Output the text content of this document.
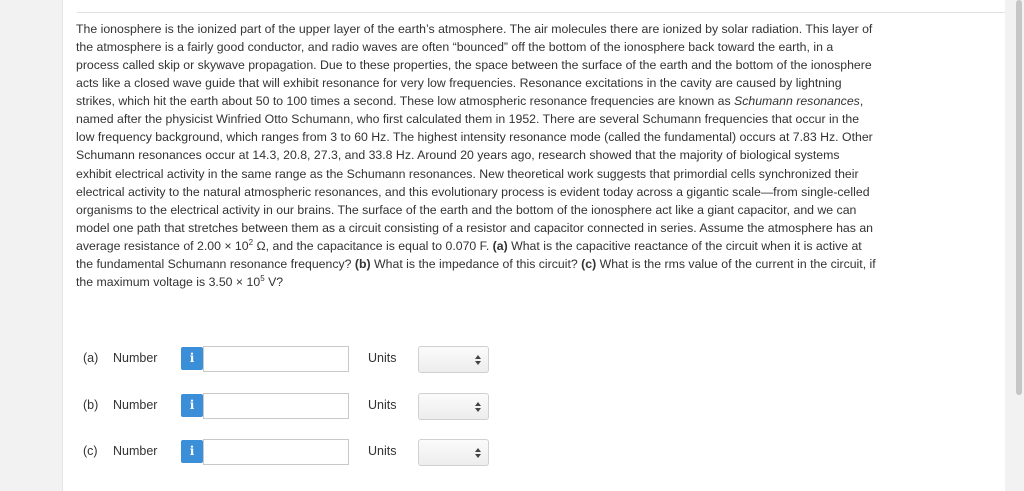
The ionosphere is the ionized part of the upper layer of the earth’s atmosphere. The air molecules there are ionized by solar radiation. This layer of the atmosphere is a fairly good conductor, and radio waves are often “bounced” off the bottom of the ionosphere back toward the earth, in a process called skip or skywave propagation. Due to these properties, the space between the surface of the earth and the bottom of the ionosphere acts like a closed wave guide that will exhibit resonance for very low frequencies. Resonance excitations in the cavity are caused by lightning strikes, which hit the earth about 50 to 100 times a second. These low atmospheric resonance frequencies are known as Schumann resonances, named after the physicist Winfried Otto Schumann, who first calculated them in 1952. There are several Schumann frequencies that occur in the low frequency background, which ranges from 3 to 60 Hz. The highest intensity resonance mode (called the fundamental) occurs at 7.83 Hz. Other Schumann resonances occur at 14.3, 20.8, 27.3, and 33.8 Hz. Around 20 years ago, research showed that the majority of biological systems exhibit electrical activity in the same range as the Schumann resonances. New theoretical work suggests that primordial cells synchronized their electrical activity to the natural atmospheric resonances, and this evolutionary process is evident today across a gigantic scale—from single-celled organisms to the electrical activity in our brains. The surface of the earth and the bottom of the ionosphere act like a giant capacitor, and we can model one path that stretches between them as a circuit consisting of a resistor and capacitor connected in series. Assume the atmosphere has an average resistance of $2.00 \times 10^2$ Ω, and the capacitance is equal to 0.070 F. (a) What is the capacitive reactance of the circuit when it is active at the fundamental Schumann resonance frequency? (b) What is the impedance of this circuit? (c) What is the rms value of the current in the circuit, if the maximum voltage is $3.50 \times 10^5$ V?

(a) Number	i	Units
(b) Number	i	Units
(c) Number	i	Units
